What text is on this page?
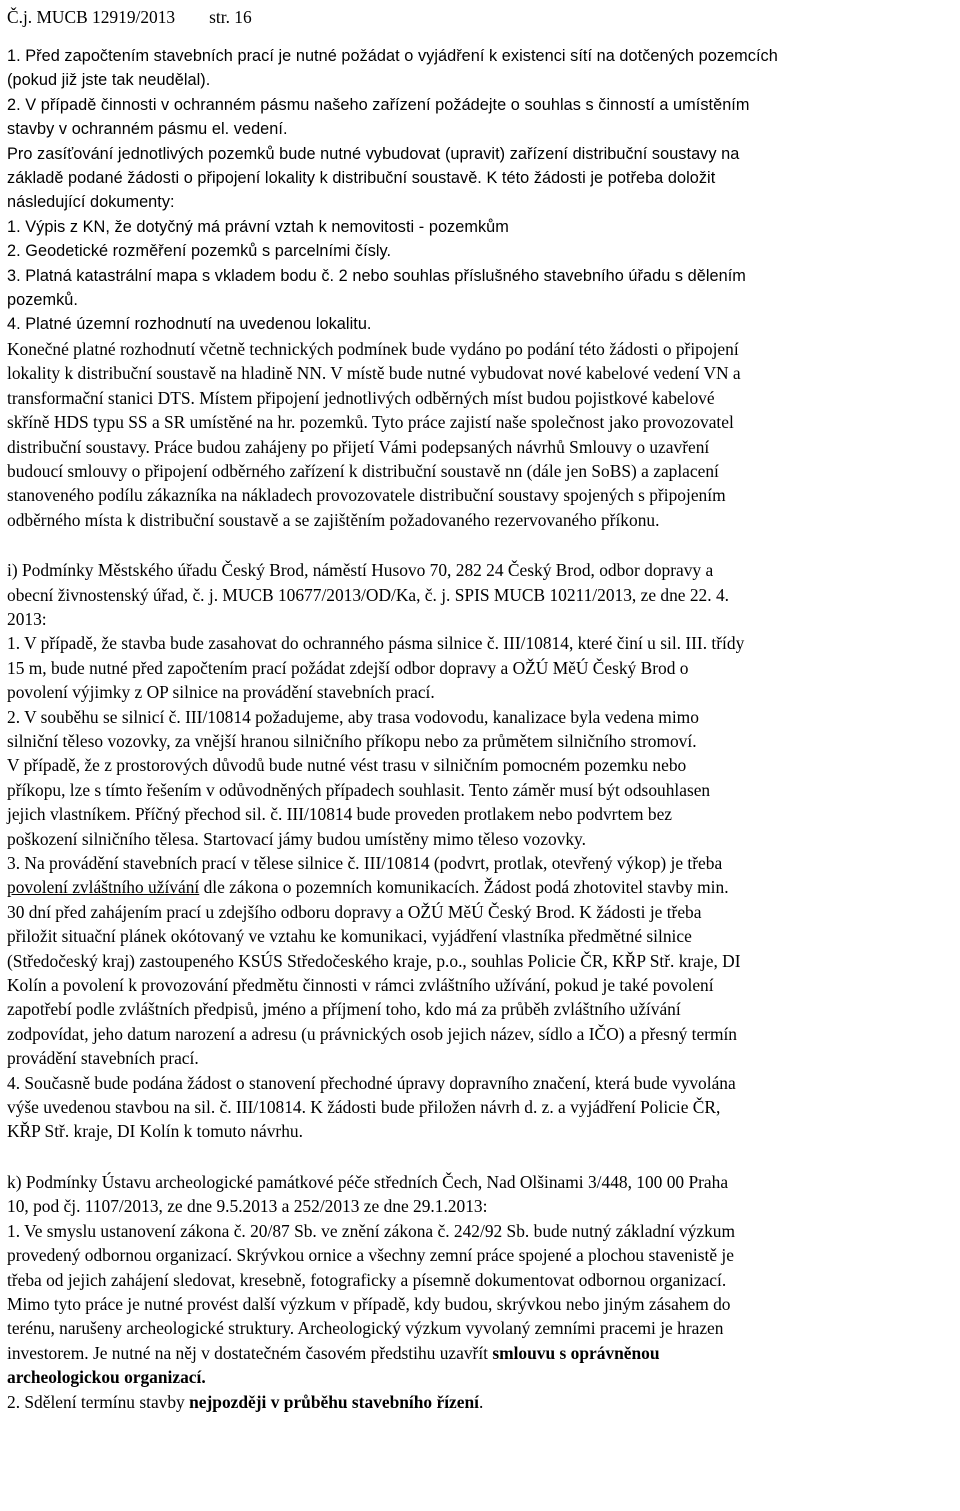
Č.j. MUCB 12919/2013 str. 16
1. Před započtením stavebních prací je nutné požádat o vyjádření k existenci sítí na dotčených pozemcích
(pokud již jste tak neudělal).
2. V případě činnosti v ochranném pásmu našeho zařízení požádejte o souhlas s činností a umístěním
stavby v ochranném pásmu el. vedení.
Pro zasíťování jednotlivých pozemků bude nutné vybudovat (upravit) zařízení distribuční soustavy na
základě podané žádosti o připojení lokality k distribuční soustavě. K této žádosti je potřeba doložit
následující dokumenty:
1. Výpis z KN, že dotyčný má právní vztah k nemovitosti - pozemkům
2. Geodetické rozměření pozemků s parcelními čísly.
3. Platná katastrální mapa s vkladem bodu č. 2 nebo souhlas příslušného stavebního úřadu s dělením
pozemků.
4. Platné územní rozhodnutí na uvedenou lokalitu.
Konečné platné rozhodnutí včetně technických podmínek bude vydáno po podání této žádosti o připojení
lokality k distribuční soustavě na hladině NN. V místě bude nutné vybudovat nové kabelové vedení VN a
transformační stanici DTS. Místem připojení jednotlivých odběrných míst budou pojistkové kabelové
skříně HDS typu SS a SR umístěné na hr. pozemků. Tyto práce zajistí naše společnost jako provozovatel
distribuční soustavy. Práce budou zahájeny po přijetí Vámi podepsaných návrhů Smlouvy o uzavření
budoucí smlouvy o připojení odběrného zařízení k distribuční soustavě nn (dále jen SoBS) a zaplacení
stanoveného podílu zákazníka na nákladech provozovatele distribuční soustavy spojených s připojením
odběrného místa k distribuční soustavě a se zajištěním požadovaného rezervovaného příkonu.
i) Podmínky Městského úřadu Český Brod, náměstí Husovo 70, 282 24 Český Brod, odbor dopravy a
obecní živnostenský úřad, č. j. MUCB 10677/2013/OD/Ka, č. j. SPIS MUCB 10211/2013, ze dne 22. 4.
2013:
1. V případě, že stavba bude zasahovat do ochranného pásma silnice č. III/10814, které činí u sil. III. třídy
15 m, bude nutné před započtením prací požádat zdejší odbor dopravy a OŽÚ MěÚ Český Brod o
povolení výjimky z OP silnice na provádění stavebních prací.
2. V souběhu se silnicí č. III/10814 požadujeme, aby trasa vodovodu, kanalizace byla vedena mimo
silniční těleso vozovky, za vnější hranou silničního příkopu nebo za průmětem silničního stromoví.
V případě, že z prostorových důvodů bude nutné vést trasu v silničním pomocném pozemku nebo
příkopu, lze s tímto řešením v odůvodněných případech souhlasit. Tento záměr musí být odsouhlasen
jejich vlastníkem. Příčný přechod sil. č. III/10814 bude proveden protlakem nebo podvrtem bez
poškození silničního tělesa. Startovací jámy budou umístěny mimo těleso vozovky.
3. Na provádění stavebních prací v tělese silnice č. III/10814 (podvrt, protlak, otevřený výkop) je třeba
povolení zvláštního užívání dle zákona o pozemních komunikacích. Žádost podá zhotovitel stavby min.
30 dní před zahájením prací u zdejšího odboru dopravy a OŽÚ MěÚ Český Brod. K žádosti je třeba
přiložit situační plánek okótovaný ve vztahu ke komunikaci, vyjádření vlastníka předmětné silnice
(Středočeský kraj) zastoupeného KSÚS Středočeského kraje, p.o., souhlas Policie ČR, KŘP Stř. kraje, DI
Kolín a povolení k provozování předmětu činnosti v rámci zvláštního užívání, pokud je také povolení
zapotřebí podle zvláštních předpisů, jméno a příjmení toho, kdo má za průběh zvláštního užívání
zodpovídat, jeho datum narození a adresu (u právnických osob jejich název, sídlo a IČO) a přesný termín
provádění stavebních prací.
4. Současně bude podána žádost o stanovení přechodné úpravy dopravního značení, která bude vyvolána
výše uvedenou stavbou na sil. č. III/10814. K žádosti bude přiložen návrh d. z. a vyjádření Policie ČR,
KŘP Stř. kraje, DI Kolín k tomuto návrhu.
k) Podmínky Ústavu archeologické památkové péče středních Čech, Nad Olšinami 3/448, 100 00 Praha
10, pod čj. 1107/2013, ze dne 9.5.2013 a 252/2013 ze dne 29.1.2013:
1. Ve smyslu ustanovení zákona č. 20/87 Sb. ve znění zákona č. 242/92 Sb. bude nutný základní výzkum
provedený odbornou organizací. Skrývkou ornice a všechny zemní práce spojené a plochou stavenistě je
třeba od jejich zahájení sledovat, kresebně, fotograficky a písemně dokumentovat odbornou organizací.
Mimo tyto práce je nutné provést další výzkum v případě, kdy budou, skrývkou nebo jiným zásahem do
terénu, narušeny archeologické struktury. Archeologický výzkum vyvolaný zemními pracemi je hrazen
investorem. Je nutné na něj v dostatečném časovém předstihu uzavřít smlouvu s oprávněnou
archeologickou organizací.
2. Sdělení termínu stavby nejpozději v průběhu stavebního řízení.
